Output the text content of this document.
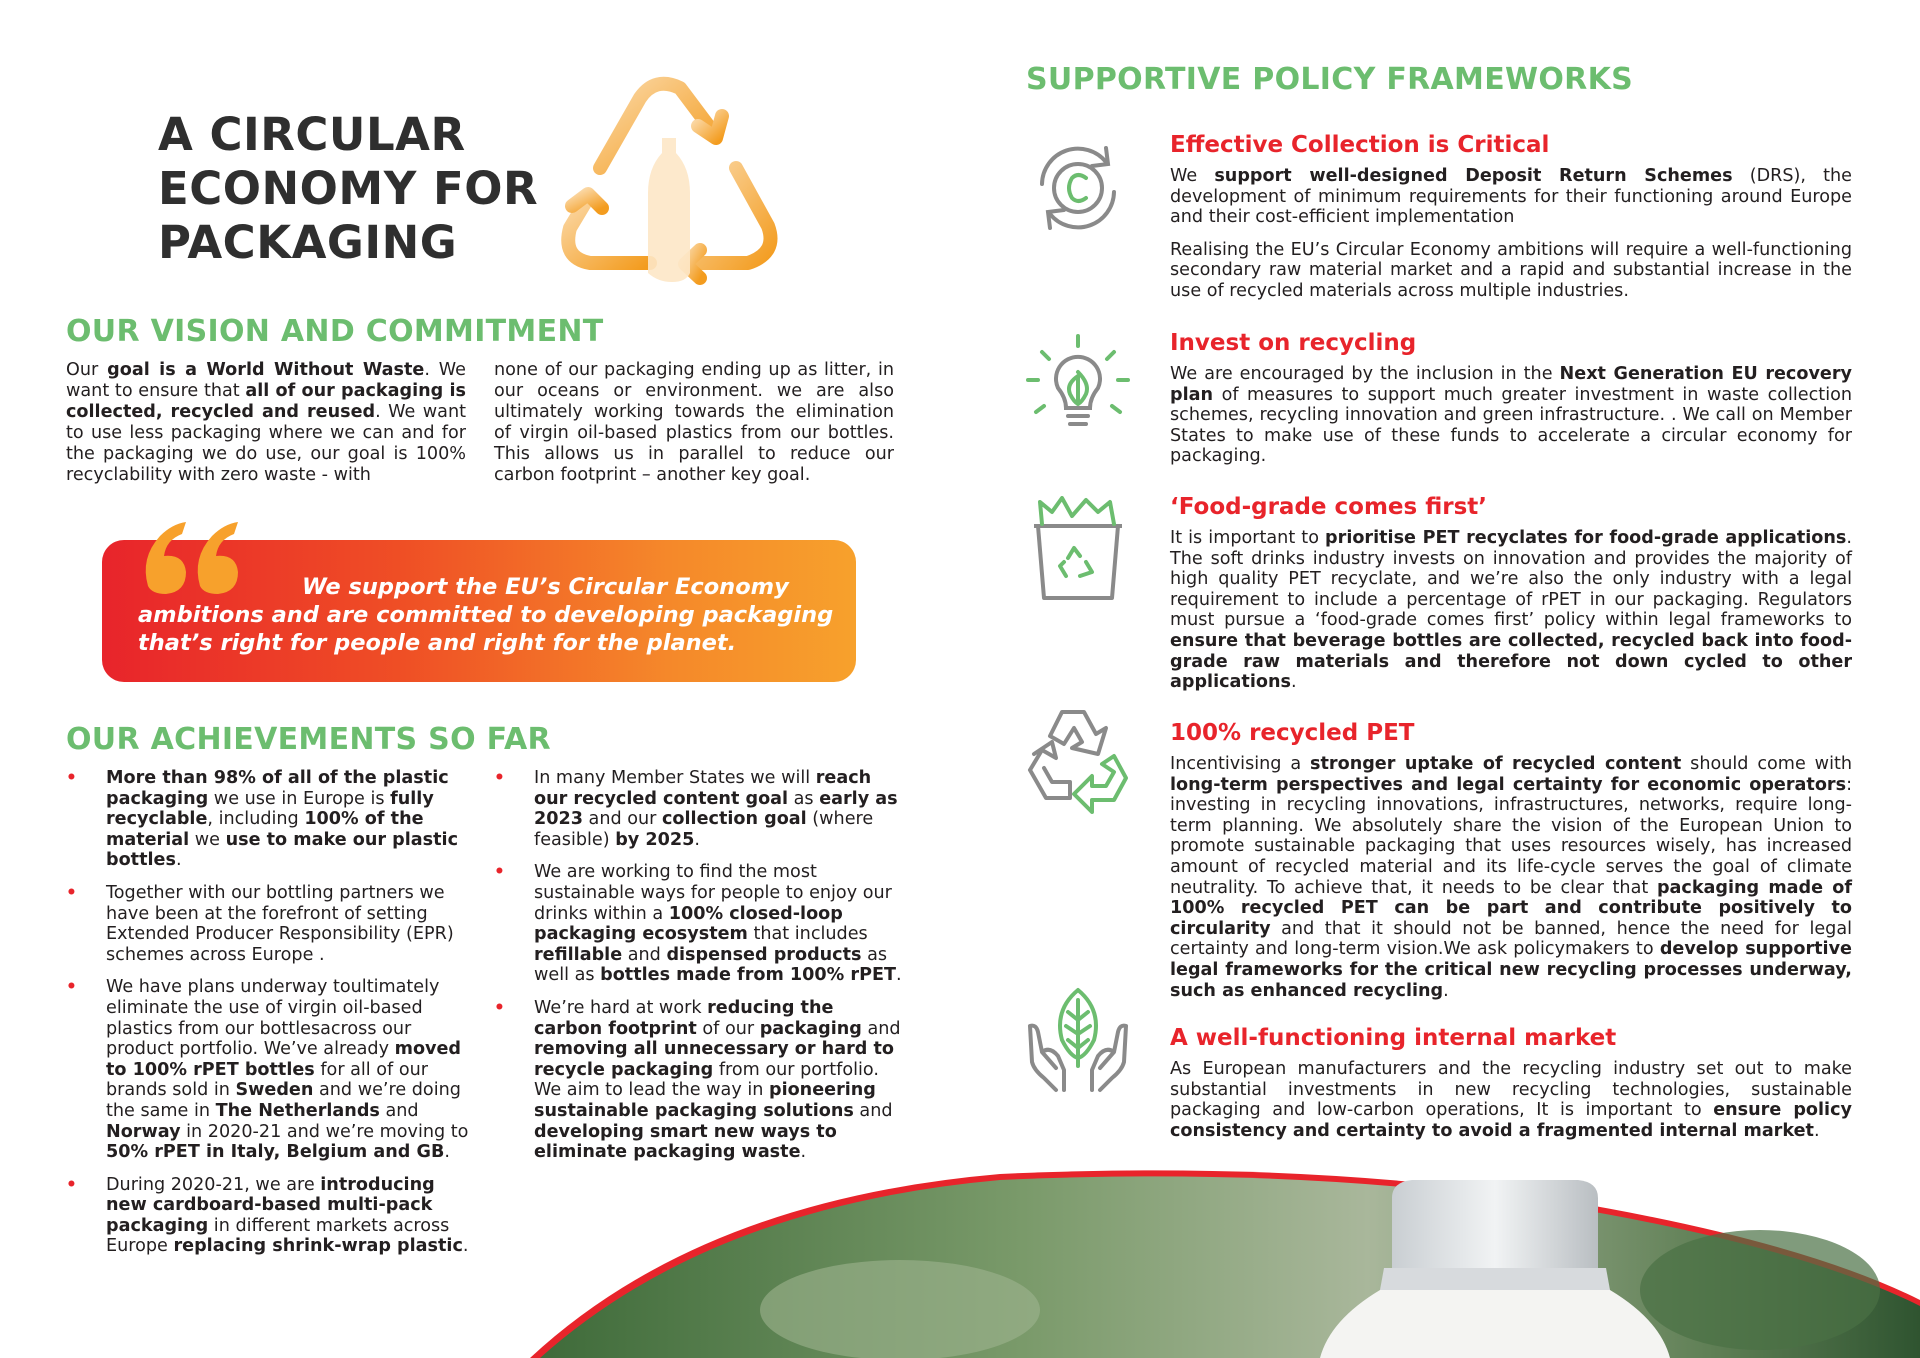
A CIRCULAR
ECONOMY FOR
PACKAGING
OUR VISION AND COMMITMENT

Our goal is a World Without Waste. We want to ensure that all of our packaging is collected, recycled and reused. We want to use less packaging where we can and for the packaging we do use, our goal is 100% recyclability with zero waste - with

none of our packaging ending up as litter, in our oceans or environment. we are also ultimately working towards the elimination of virgin oil-based plastics from our bottles. This allows us in parallel to reduce our carbon footprint – another key goal.

We support the EU’s Circular Economy
ambitions and are committed to developing packaging that’s right for people and right for the planet.

OUR ACHIEVEMENTS SO FAR
• More than 98% of all of the plastic packaging we use in Europe is fully recyclable, including 100% of the material we use to make our plastic bottles.
• Together with our bottling partners we have been at the forefront of setting Extended Producer Responsibility (EPR) schemes across Europe .
• We have plans underway toultimately eliminate the use of virgin oil-based plastics from our bottlesacross our product portfolio. We’ve already moved to 100% rPET bottles for all of our brands sold in Sweden and we’re doing the same in The Netherlands and Norway in 2020-21 and we’re moving to 50% rPET in Italy, Belgium and GB.
• During 2020-21, we are introducing new cardboard-based multi-pack packaging in different markets across Europe replacing shrink-wrap plastic.
• In many Member States we will reach our recycled content goal as early as 2023 and our collection goal (where feasible) by 2025.
• We are working to find the most sustainable ways for people to enjoy our drinks within a 100% closed-loop packaging ecosystem that includes refillable and dispensed products as well as bottles made from 100% rPET.
• We’re hard at work reducing the carbon footprint of our packaging and removing all unnecessary or hard to recycle packaging from our portfolio. We aim to lead the way in pioneering sustainable packaging solutions and developing smart new ways to eliminate packaging waste.
SUPPORTIVE POLICY FRAMEWORKS
Effective Collection is Critical

We support well-designed Deposit Return Schemes (DRS), the development of minimum requirements for their functioning around Europe and their cost-efficient implementation

Realising the EU’s Circular Economy ambitions will require a well-functioning secondary raw material market and a rapid and substantial increase in the use of recycled materials across multiple industries.

Invest on recycling

We are encouraged by the inclusion in the Next Generation EU recovery plan of measures to support much greater investment in waste collection schemes, recycling innovation and green infrastructure. . We call on Member States to make use of these funds to accelerate a circular economy for packaging.

‘Food-grade comes first’

It is important to prioritise PET recyclates for food-grade applications. The soft drinks industry invests on innovation and provides the majority of high quality PET recyclate, and we’re also the only industry with a legal requirement to include a percentage of rPET in our packaging. Regulators must pursue a ‘food-grade comes first’ policy within legal frameworks to ensure that beverage bottles are collected, recycled back into food-grade raw materials and therefore not down cycled to other applications.

100% recycled PET

Incentivising a stronger uptake of recycled content should come with long-term perspectives and legal certainty for economic operators: investing in recycling innovations, infrastructures, networks, require long-term planning. We absolutely share the vision of the European Union to promote sustainable packaging that uses resources wisely, has increased amount of recycled material and its life-cycle serves the goal of climate neutrality. To achieve that, it needs to be clear that packaging made of 100% recycled PET can be part and contribute positively to circularity and that it should not be banned, hence the need for legal certainty and long-term vision.We ask policymakers to develop supportive legal frameworks for the critical new recycling processes underway, such as enhanced recycling.

A well-functioning internal market

As European manufacturers and the recycling industry set out to make substantial investments in new recycling technologies, sustainable packaging and low-carbon operations, It is important to ensure policy consistency and certainty to avoid a fragmented internal market.
